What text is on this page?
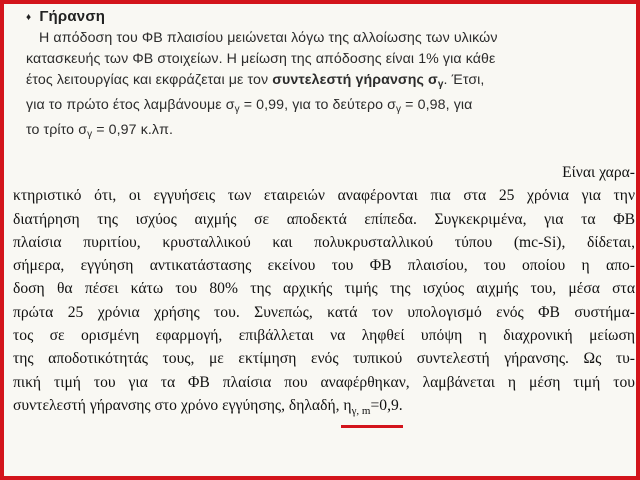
♦ Γήρανση
Η απόδοση του ΦΒ πλαισίου μειώνεται λόγω της αλλοίωσης των υλικών
κατασκευής των ΦΒ στοιχείων. Η μείωση της απόδοσης είναι 1% για κάθε
έτος λειτουργίας και εκφράζεται με τον συντελεστή γήρανσης $\sigma_\gamma$. Έτσι,
για το πρώτο έτος λαμβάνουμε $\sigma_\gamma = 0,99$, για το δεύτερο $\sigma_\gamma = 0,98$, για
το τρίτο $\sigma_\gamma = 0,97$ κ.λπ.
Είναι χαρα-
κτηριστικό ότι, οι εγγυήσεις των εταιρειών αναφέρονται πια στα 25 χρόνια για την
διατήρηση της ισχύος αιχμής σε αποδεκτά επίπεδα. Συγκεκριμένα, για τα ΦΒ
πλαίσια πυριτίου, κρυσταλλικού και πολυκρυσταλλικού τύπου (mc-Si), δίδεται,
σήμερα, εγγύηση αντικατάστασης εκείνου του ΦΒ πλαισίου, του οποίου η απο-
δοση θα πέσει κάτω του 80% της αρχικής τιμής της ισχύος αιχμής του, μέσα στα
πρώτα 25 χρόνια χρήσης του. Συνεπώς, κατά τον υπολογισμό ενός ΦΒ συστήμα-
τος σε ορισμένη εφαρμογή, επιβάλλεται να ληφθεί υπόψη η διαχρονική μείωση
της αποδοτικότητάς τους, με εκτίμηση ενός τυπικού συντελεστή γήρανσης. Ως τυ-
πική τιμή του για τα ΦΒ πλαίσια που αναφέρθηκαν, λαμβάνεται η μέση τιμή του
συντελεστή γήρανσης στο χρόνο εγγύησης, δηλαδή, $\eta_{\gamma, m}=0,9$
.
